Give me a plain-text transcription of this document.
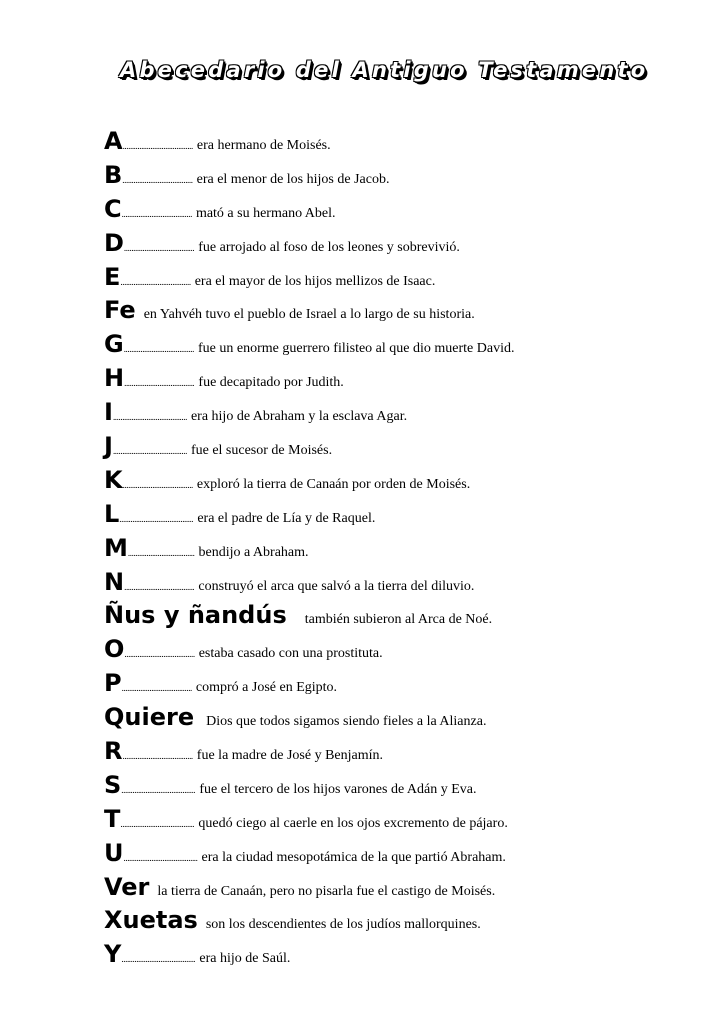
Abecedario del Antiguo Testamento
A ...................................... era hermano de Moisés.
B ...................................... era el menor de los hijos de Jacob.
C ...................................... mató a su hermano Abel.
D ...................................... fue arrojado al foso de los leones y sobrevivió.
E ...................................... era el mayor de los hijos mellizos de Isaac.
Fe en Yahvéh tuvo el pueblo de Israel a lo largo de su historia.
G ...................................... fue un enorme guerrero filisteo al que dio muerte David.
H ...................................... fue decapitado por Judith.
I ........................................ era hijo de Abraham y la esclava Agar.
J ........................................ fue el sucesor de Moisés.
K ...................................... exploró la tierra de Canaán por orden de Moisés.
L ........................................ era el padre de Lía y de Raquel.
M .................................... bendijo a Abraham.
N ...................................... construyó el arca que salvó a la tierra del diluvio.
Ñus y ñandús también subieron al Arca de Noé.
O ...................................... estaba casado con una prostituta.
P ...................................... compró a José en Egipto.
Quiere Dios que todos sigamos siendo fieles a la Alianza.
R ...................................... fue la madre de José y Benjamín.
S ........................................ fue el tercero de los hijos varones de Adán y Eva.
T ........................................ quedó ciego al caerle en los ojos excremento de pájaro.
U ........................................ era la ciudad mesopotámica de la que partió Abraham.
Ver la tierra de Canaán, pero no pisarla fue el castigo de Moisés.
Xuetas son los descendientes de los judíos mallorquines.
Y ........................................ era hijo de Saúl.
